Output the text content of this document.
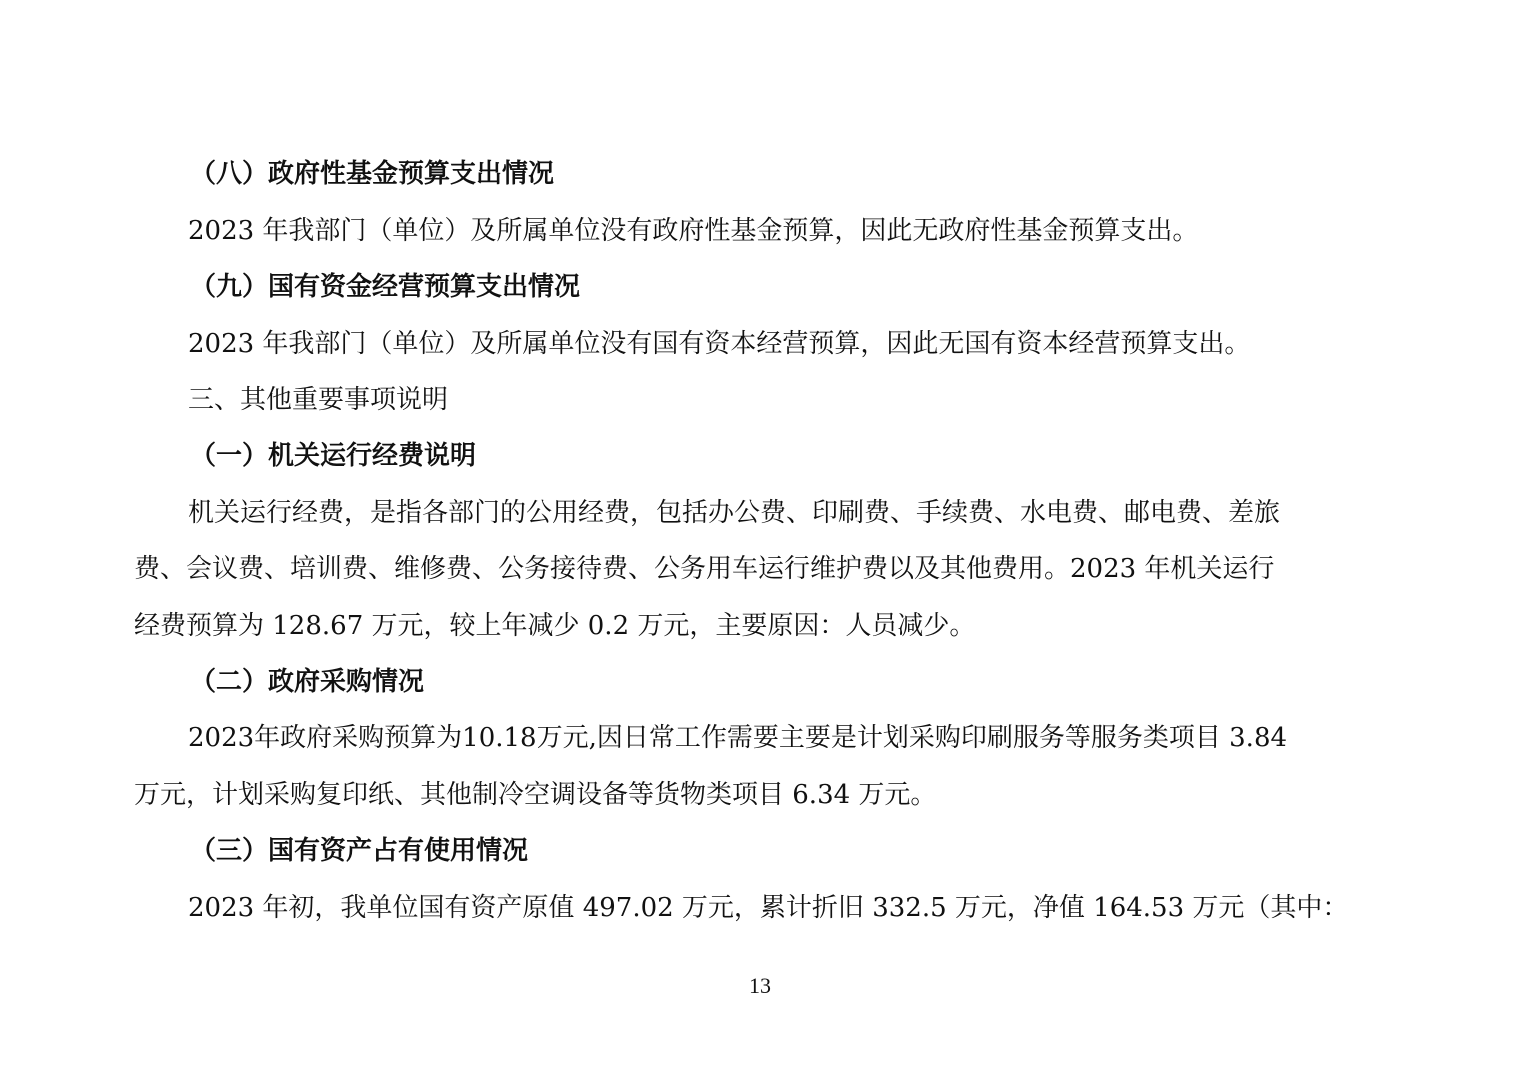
（八）政府性基金预算支出情况
2023 年我部门（单位）及所属单位没有政府性基金预算，因此无政府性基金预算支出。
（九）国有资金经营预算支出情况
2023 年我部门（单位）及所属单位没有国有资本经营预算，因此无国有资本经营预算支出。
三、其他重要事项说明
（一）机关运行经费说明
机关运行经费，是指各部门的公用经费，包括办公费、印刷费、手续费、水电费、邮电费、差旅
费、会议费、培训费、维修费、公务接待费、公务用车运行维护费以及其他费用。2023 年机关运行
经费预算为 128.67 万元，较上年减少 0.2 万元，主要原因：人员减少。
（二）政府采购情况
2023年政府采购预算为10.18万元,因日常工作需要主要是计划采购印刷服务等服务类项目 3.84
万元，计划采购复印纸、其他制冷空调设备等货物类项目 6.34 万元。
（三）国有资产占有使用情况
2023 年初，我单位国有资产原值 497.02 万元，累计折旧 332.5 万元，净值 164.53 万元（其中：
13
